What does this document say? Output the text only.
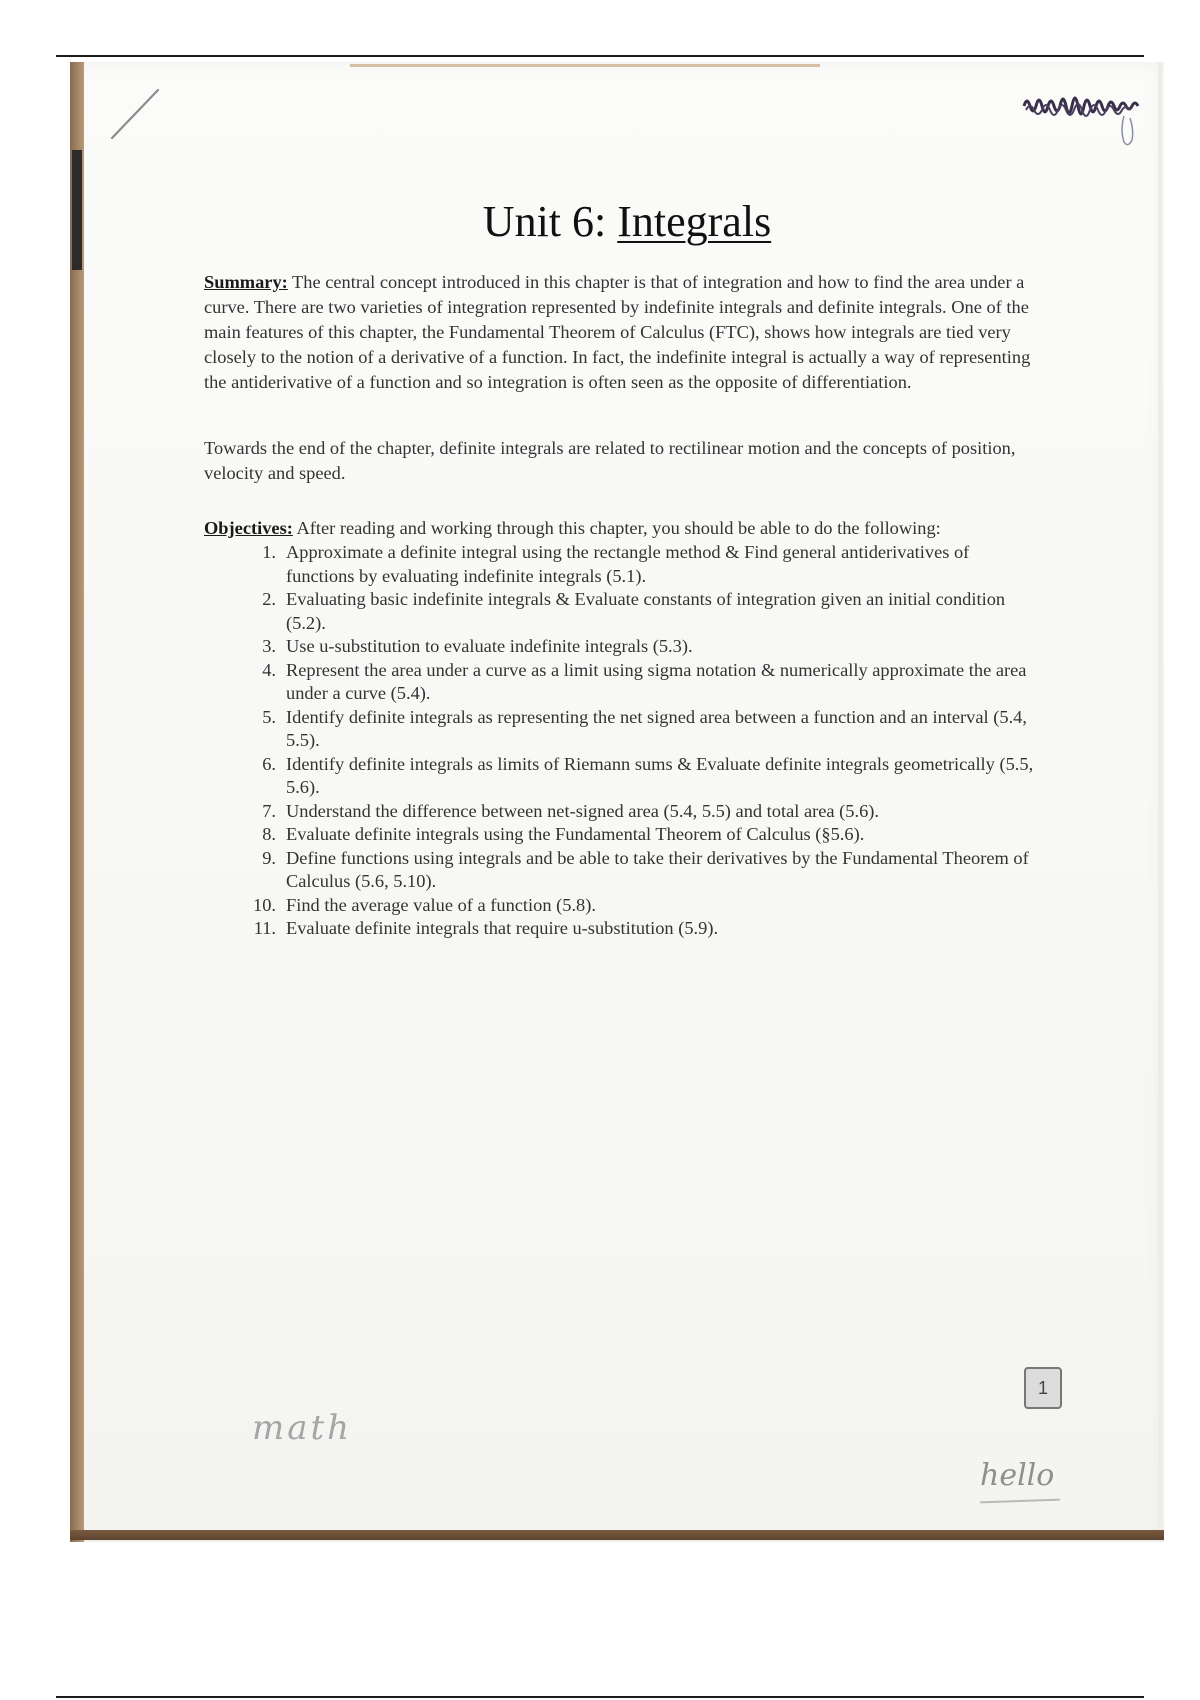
Unit 6: Integrals

Summary: The central concept introduced in this chapter is that of integration and how to find the area under a curve. There are two varieties of integration represented by indefinite integrals and definite integrals. One of the main features of this chapter, the Fundamental Theorem of Calculus (FTC), shows how integrals are tied very closely to the notion of a derivative of a function. In fact, the indefinite integral is actually a way of representing the antiderivative of a function and so integration is often seen as the opposite of differentiation.

Towards the end of the chapter, definite integrals are related to rectilinear motion and the concepts of position, velocity and speed.

Objectives: After reading and working through this chapter, you should be able to do the following:

1. Approximate a definite integral using the rectangle method & Find general antiderivatives of functions by evaluating indefinite integrals (5.1).
2. Evaluating basic indefinite integrals & Evaluate constants of integration given an initial condition (5.2).
3. Use u-substitution to evaluate indefinite integrals (5.3).
4. Represent the area under a curve as a limit using sigma notation & numerically approximate the area under a curve (5.4).
5. Identify definite integrals as representing the net signed area between a function and an interval (5.4, 5.5).
6. Identify definite integrals as limits of Riemann sums & Evaluate definite integrals geometrically (5.5, 5.6).
7. Understand the difference between net-signed area (5.4, 5.5) and total area (5.6).
8. Evaluate definite integrals using the Fundamental Theorem of Calculus (§5.6).
9. Define functions using integrals and be able to take their derivatives by the Fundamental Theorem of Calculus (5.6, 5.10).
10. Find the average value of a function (5.8).
11. Evaluate definite integrals that require u-substitution (5.9).
1
math
hello
